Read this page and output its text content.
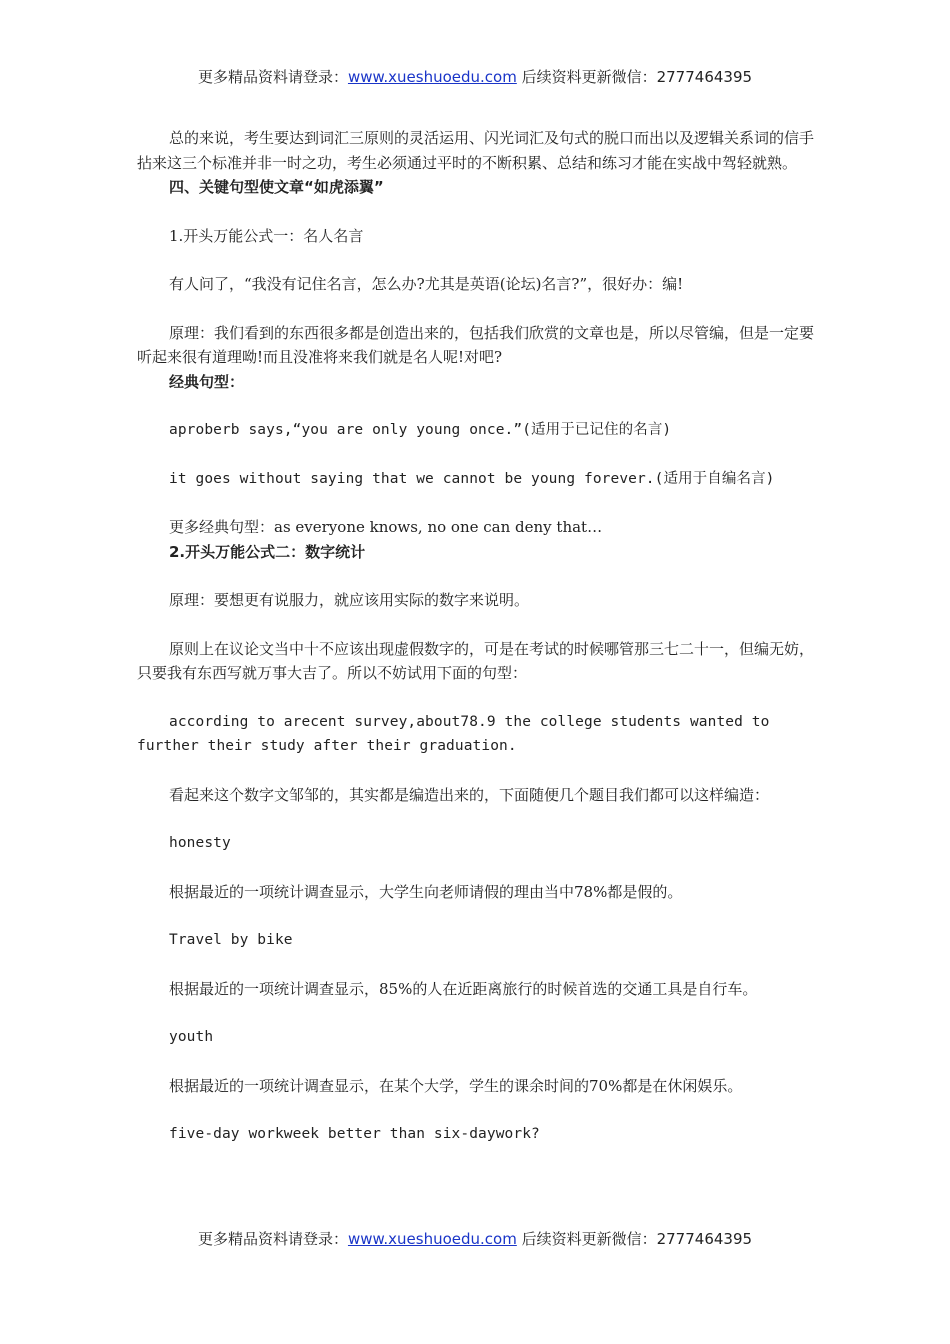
更多精品资料请登录：www.xueshuoedu.com 后续资料更新微信：2777464395

总的来说，考生要达到词汇三原则的灵活运用、闪光词汇及句式的脱口而出以及逻辑关系词的信手拈来这三个标准并非一时之功，考生必须通过平时的不断积累、总结和练习才能在实战中驾轻就熟。

四、关键句型使文章“如虎添翼”

1.开头万能公式一：名人名言

有人问了，“我没有记住名言，怎么办?尤其是英语(论坛)名言?”，很好办：编!

原理：我们看到的东西很多都是创造出来的，包括我们欣赏的文章也是，所以尽管编，但是一定要听起来很有道理呦!而且没准将来我们就是名人呢!对吧?

经典句型：

aproberb says,“you are only young once.”(适用于已记住的名言)

it goes without saying that we cannot be young forever.(适用于自编名言)

更多经典句型：as everyone knows, no one can deny that…

2.开头万能公式二：数字统计

原理：要想更有说服力，就应该用实际的数字来说明。

原则上在议论文当中十不应该出现虚假数字的，可是在考试的时候哪管那三七二十一，但编无妨，只要我有东西写就万事大吉了。所以不妨试用下面的句型：

according to arecent survey,about78.9 the college students wanted to further their study after their graduation.

看起来这个数字文邹邹的，其实都是编造出来的，下面随便几个题目我们都可以这样编造：

honesty

根据最近的一项统计调查显示，大学生向老师请假的理由当中78%都是假的。

Travel by bike

根据最近的一项统计调查显示，85%的人在近距离旅行的时候首选的交通工具是自行车。

youth

根据最近的一项统计调查显示，在某个大学，学生的课余时间的70%都是在休闲娱乐。

five-day workweek better than six-daywork?

更多精品资料请登录：www.xueshuoedu.com 后续资料更新微信：2777464395
